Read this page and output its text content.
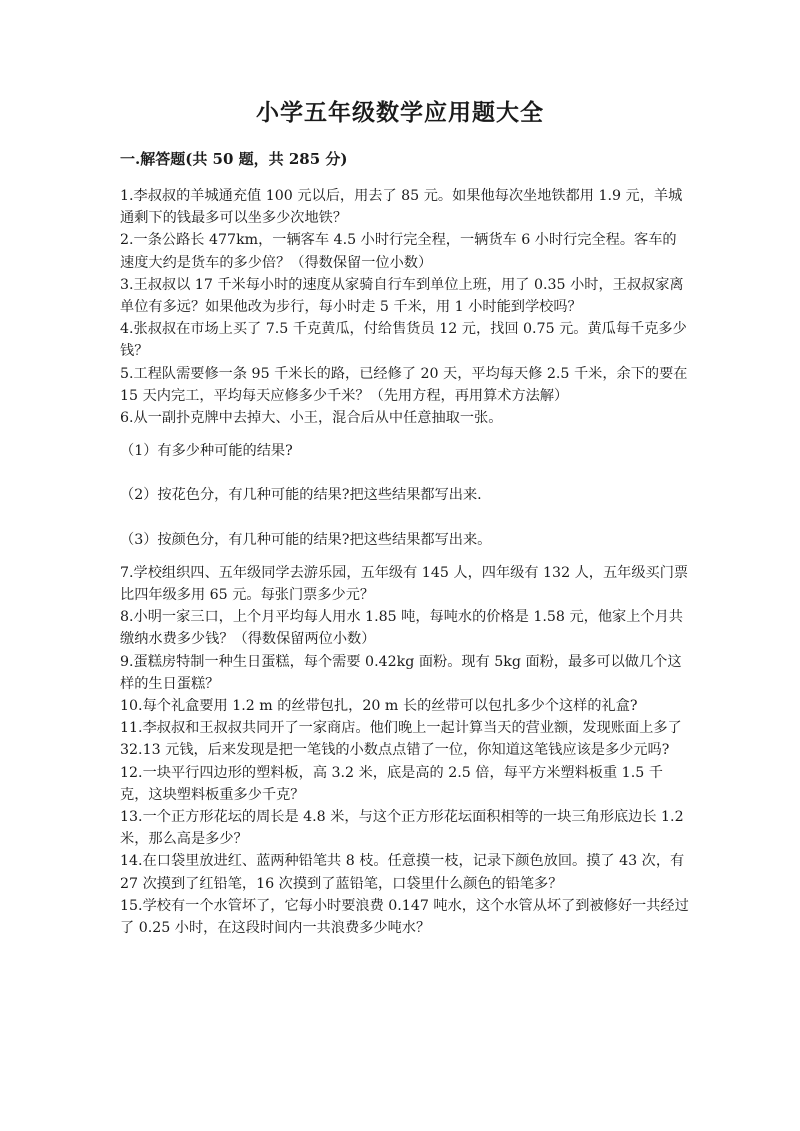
小学五年级数学应用题大全
一.解答题(共 50 题，共 285 分)

1.李叔叔的羊城通充值 100 元以后，用去了 85 元。如果他每次坐地铁都用 1.9 元，羊城通剩下的钱最多可以坐多少次地铁？

2.一条公路长 477km，一辆客车 4.5 小时行完全程，一辆货车 6 小时行完全程。客车的速度大约是货车的多少倍？（得数保留一位小数）

3.王叔叔以 17 千米每小时的速度从家骑自行车到单位上班，用了 0.35 小时，王叔叔家离单位有多远？如果他改为步行，每小时走 5 千米，用 1 小时能到学校吗？

4.张叔叔在市场上买了 7.5 千克黄瓜，付给售货员 12 元，找回 0.75 元。黄瓜每千克多少钱？

5.工程队需要修一条 95 千米长的路，已经修了 20 天，平均每天修 2.5 千米，余下的要在 15 天内完工，平均每天应修多少千米？（先用方程，再用算术方法解）

6.从一副扑克牌中去掉大、小王，混合后从中任意抽取一张。

（1）有多少种可能的结果?

（2）按花色分，有几种可能的结果?把这些结果都写出来.

（3）按颜色分，有几种可能的结果?把这些结果都写出来。

7.学校组织四、五年级同学去游乐园，五年级有 145 人，四年级有 132 人，五年级买门票比四年级多用 65 元。每张门票多少元？

8.小明一家三口，上个月平均每人用水 1.85 吨，每吨水的价格是 1.58 元，他家上个月共缴纳水费多少钱？（得数保留两位小数）

9.蛋糕房特制一种生日蛋糕，每个需要 0.42kg 面粉。现有 5kg 面粉，最多可以做几个这样的生日蛋糕？

10.每个礼盒要用 1.2 m 的丝带包扎，20 m 长的丝带可以包扎多少个这样的礼盒?

11.李叔叔和王叔叔共同开了一家商店。他们晚上一起计算当天的营业额，发现账面上多了 32.13 元钱，后来发现是把一笔钱的小数点点错了一位，你知道这笔钱应该是多少元吗?

12.一块平行四边形的塑料板，高 3.2 米，底是高的 2.5 倍，每平方米塑料板重 1.5 千克，这块塑料板重多少千克？

13.一个正方形花坛的周长是 4.8 米，与这个正方形花坛面积相等的一块三角形底边长 1.2 米，那么高是多少？

14.在口袋里放进红、蓝两种铅笔共 8 枝。任意摸一枝，记录下颜色放回。摸了 43 次，有 27 次摸到了红铅笔，16 次摸到了蓝铅笔，口袋里什么颜色的铅笔多？

15.学校有一个水管坏了，它每小时要浪费 0.147 吨水，这个水管从坏了到被修好一共经过了 0.25 小时，在这段时间内一共浪费多少吨水？
